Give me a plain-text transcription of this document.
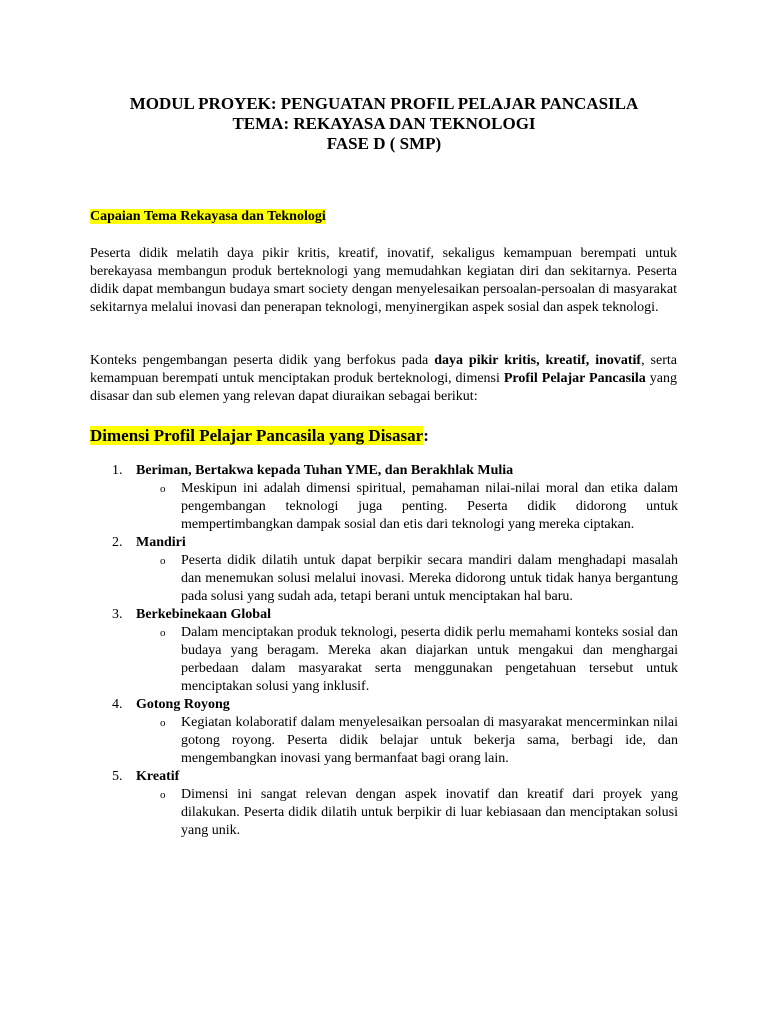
MODUL PROYEK: PENGUATAN PROFIL PELAJAR PANCASILA
TEMA: REKAYASA DAN TEKNOLOGI
FASE D ( SMP)
Capaian Tema Rekayasa dan Teknologi

Peserta didik melatih daya pikir kritis, kreatif, inovatif, sekaligus kemampuan berempati untuk berekayasa membangun produk berteknologi yang memudahkan kegiatan diri dan sekitarnya. Peserta didik dapat membangun budaya smart society dengan menyelesaikan persoalan-persoalan di masyarakat sekitarnya melalui inovasi dan penerapan teknologi, menyinergikan aspek sosial dan aspek teknologi.

Konteks pengembangan peserta didik yang berfokus pada daya pikir kritis, kreatif, inovatif, serta kemampuan berempati untuk menciptakan produk berteknologi, dimensi Profil Pelajar Pancasila yang disasar dan sub elemen yang relevan dapat diuraikan sebagai berikut:

Dimensi Profil Pelajar Pancasila yang Disasar:
1. Beriman, Bertakwa kepada Tuhan YME, dan Berakhlak Mulia
o Meskipun ini adalah dimensi spiritual, pemahaman nilai-nilai moral dan etika dalam pengembangan teknologi juga penting. Peserta didik didorong untuk mempertimbangkan dampak sosial dan etis dari teknologi yang mereka ciptakan.
2. Mandiri
o Peserta didik dilatih untuk dapat berpikir secara mandiri dalam menghadapi masalah dan menemukan solusi melalui inovasi. Mereka didorong untuk tidak hanya bergantung pada solusi yang sudah ada, tetapi berani untuk menciptakan hal baru.
3. Berkebinekaan Global
o Dalam menciptakan produk teknologi, peserta didik perlu memahami konteks sosial dan budaya yang beragam. Mereka akan diajarkan untuk mengakui dan menghargai perbedaan dalam masyarakat serta menggunakan pengetahuan tersebut untuk menciptakan solusi yang inklusif.
4. Gotong Royong
o Kegiatan kolaboratif dalam menyelesaikan persoalan di masyarakat mencerminkan nilai gotong royong. Peserta didik belajar untuk bekerja sama, berbagi ide, dan mengembangkan inovasi yang bermanfaat bagi orang lain.
5. Kreatif
o Dimensi ini sangat relevan dengan aspek inovatif dan kreatif dari proyek yang dilakukan. Peserta didik dilatih untuk berpikir di luar kebiasaan dan menciptakan solusi yang unik.
